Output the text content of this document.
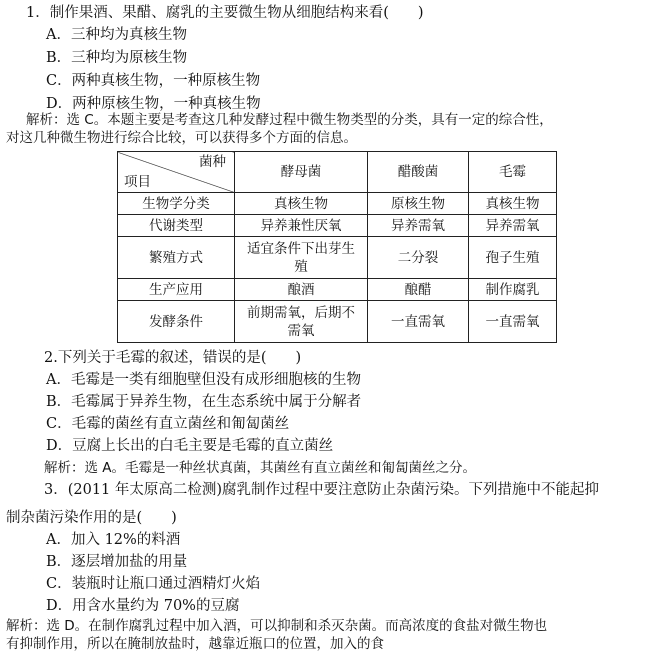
1．制作果酒、果醋、腐乳的主要微生物从细胞结构来看(　　)
A．三种均为真核生物
B．三种均为原核生物
C．两种真核生物，一种原核生物
D．两种原核生物，一种真核生物
解析：选 C。本题主要是考查这几种发酵过程中微生物类型的分类，具有一定的综合性，
对这几种微生物进行综合比较，可以获得多个方面的信息。
菌种
项目	酵母菌	醋酸菌	毛霉
生物学分类	真核生物	原核生物	真核生物
代谢类型	异养兼性厌氧	异养需氧	异养需氧
繁殖方式	适宜条件下出芽生殖	二分裂	孢子生殖
生产应用	酿酒	酿醋	制作腐乳
发酵条件	前期需氧，后期不需氧	一直需氧	一直需氧
2.下列关于毛霉的叙述，错误的是(　　)
A．毛霉是一类有细胞壁但没有成形细胞核的生物
B．毛霉属于异养生物，在生态系统中属于分解者
C．毛霉的菌丝有直立菌丝和匍匐菌丝
D．豆腐上长出的白毛主要是毛霉的直立菌丝
解析：选 A。毛霉是一种丝状真菌，其菌丝有直立菌丝和匍匐菌丝之分。
3．(2011 年太原高二检测)腐乳制作过程中要注意防止杂菌污染。下列措施中不能起抑
制杂菌污染作用的是(　　)
A．加入 12%的料酒
B．逐层增加盐的用量
C．装瓶时让瓶口通过酒精灯火焰
D．用含水量约为 70%的豆腐
解析：选 D。在制作腐乳过程中加入酒，可以抑制和杀灭杂菌。而高浓度的食盐对微生物也
有抑制作用，所以在腌制放盐时，越靠近瓶口的位置，加入的食
